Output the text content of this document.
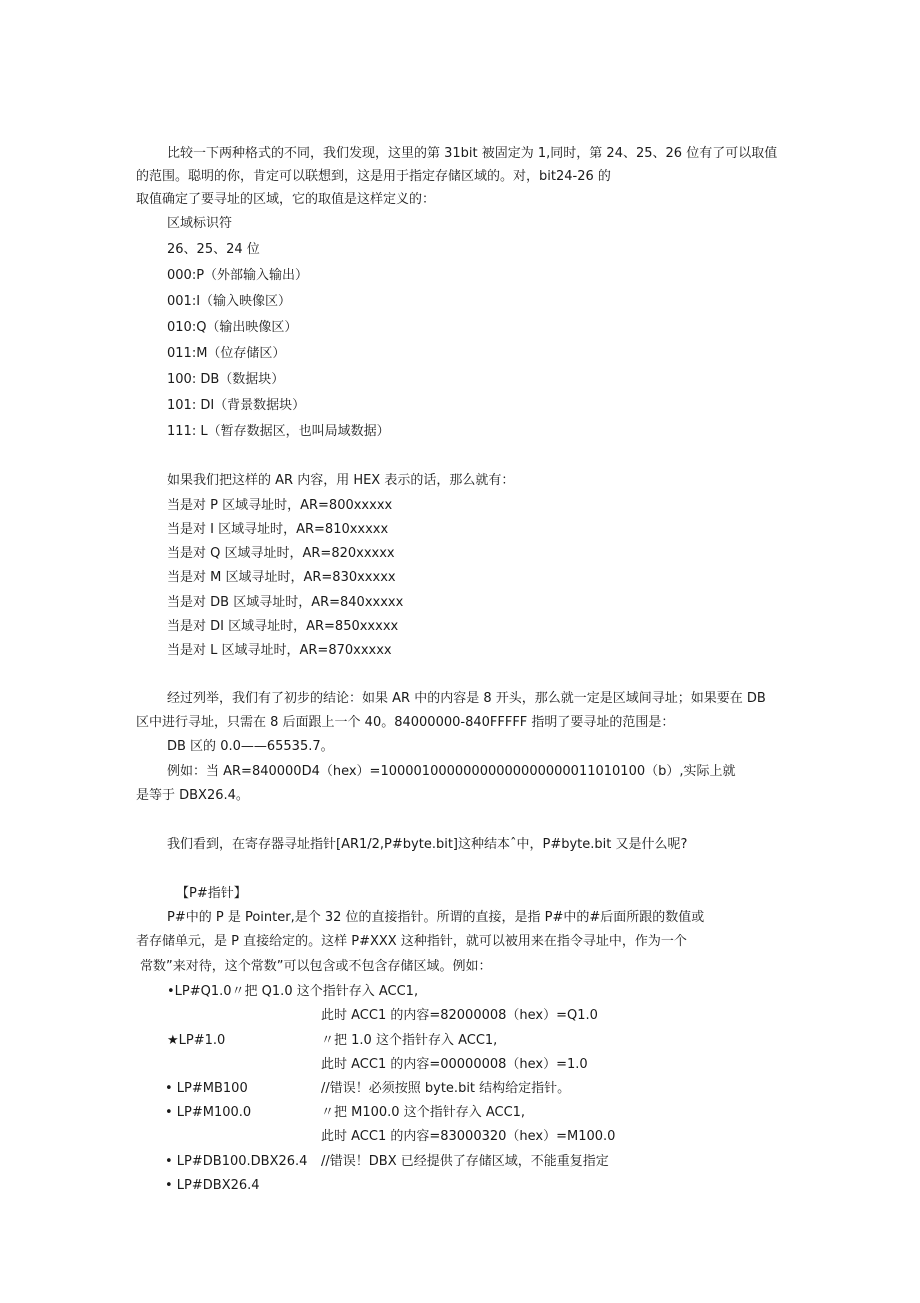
比较一下两种格式的不同，我们发现，这里的第 31bit 被固定为 1,同时，第 24、25、26 位有了可以取值
的范围。聪明的你，肯定可以联想到，这是用于指定存储区域的。对，bit24-26 的
取值确定了要寻址的区域，它的取值是这样定义的：
区域标识符
26、25、24 位
000:P（外部输入输出）
001:I（输入映像区）
010:Q（输出映像区）
011:M（位存储区）
100: DB（数据块）
101: DI（背景数据块）
111: L（暂存数据区，也叫局域数据）
如果我们把这样的 AR 内容，用 HEX 表示的话，那么就有：
当是对 P 区域寻址时，AR=800xxxxx
当是对 I 区域寻址时，AR=810xxxxx
当是对 Q 区域寻址时，AR=820xxxxx
当是对 M 区域寻址时，AR=830xxxxx
当是对 DB 区域寻址时，AR=840xxxxx
当是对 DI 区域寻址时，AR=850xxxxx
当是对 L 区域寻址时，AR=870xxxxx
经过列举，我们有了初步的结论：如果 AR 中的内容是 8 开头，那么就一定是区域间寻址；如果要在 DB
区中进行寻址，只需在 8 后面跟上一个 40。84000000-840FFFFF 指明了要寻址的范围是：
DB 区的 0.0——65535.7。
例如：当 AR=840000D4（hex）=10000100000000000000000011010100（b）,实际上就
是等于 DBX26.4。
我们看到，在寄存器寻址指针[AR1/2,P#byte.bit]这种结本ˆ中，P#byte.bit 又是什么呢?
【P#指针】
P#中的 P 是 Pointer,是个 32 位的直接指针。所谓的直接，是指 P#中的#后面所跟的数值或
者存储单元，是 P 直接给定的。这样 P#XXX 这种指针，就可以被用来在指令寻址中，作为一个
常数”来对待，这个常数”可以包含或不包含存储区域。例如：
•LP#Q1.0〃把 Q1.0 这个指针存入 ACC1,
此时 ACC1 的内容=82000008（hex）=Q1.0
★LP#1.0	〃把 1.0 这个指针存入 ACC1,
此时 ACC1 的内容=00000008（hex）=1.0
• LP#MB100	//错误！必须按照 byte.bit 结构给定指针。
• LP#M100.0	〃把 M100.0 这个指针存入 ACC1,
此时 ACC1 的内容=83000320（hex）=M100.0
• LP#DB100.DBX26.4 //错误！DBX 已经提供了存储区域，不能重复指定
• LP#DBX26.4
